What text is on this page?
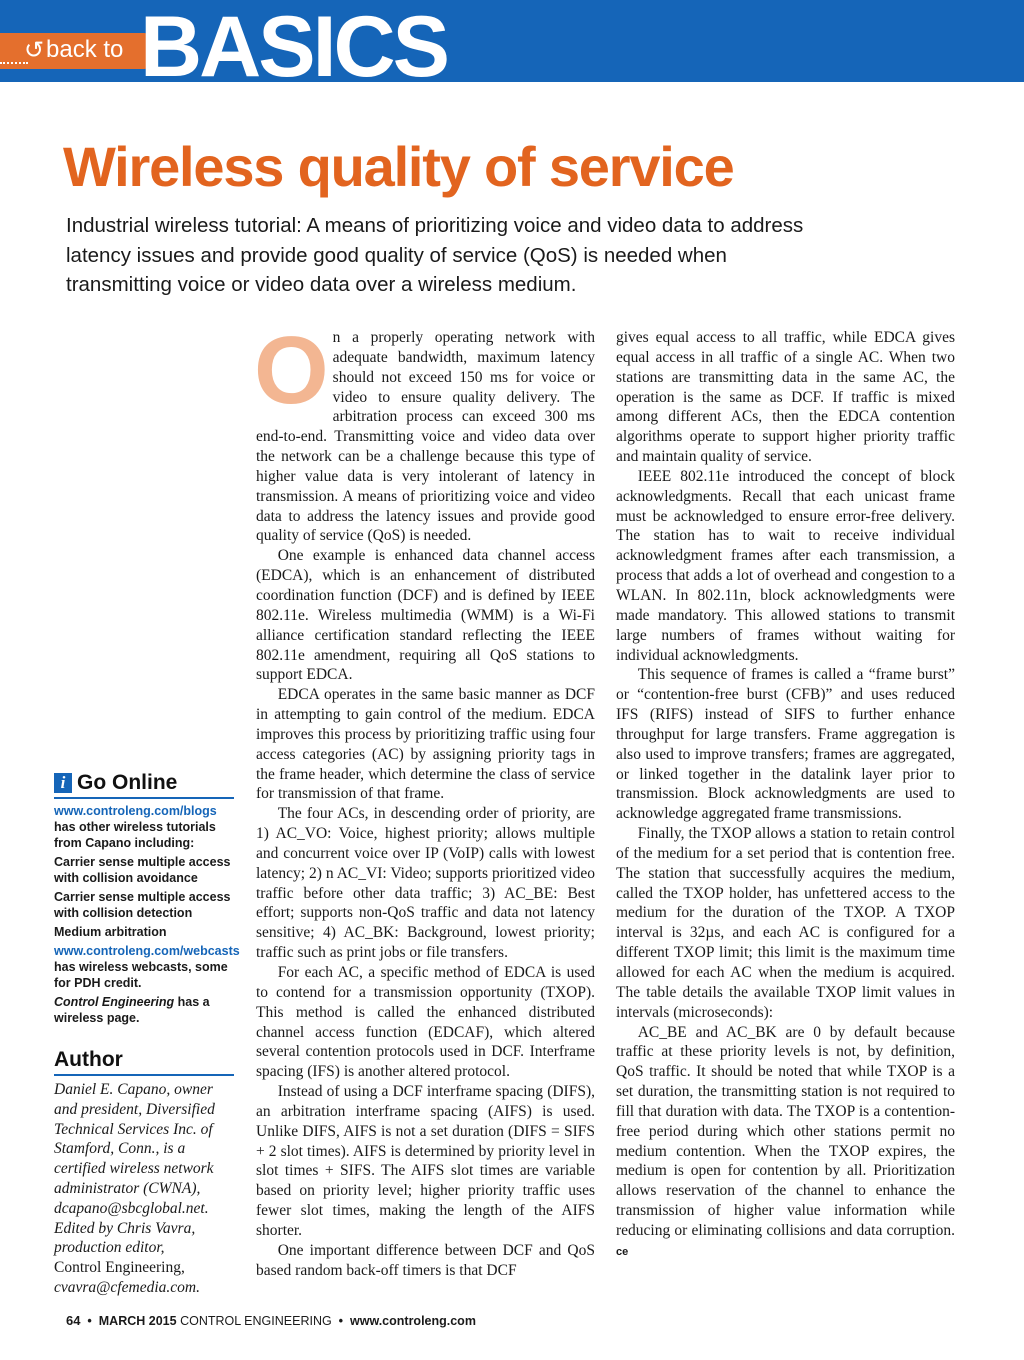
↺ back to BASICS
Wireless quality of service
Industrial wireless tutorial: A means of prioritizing voice and video data to address latency issues and provide good quality of service (QoS) is needed when transmitting voice or video data over a wireless medium.
i Go Online
www.controleng.com/blogs

has other wireless tutorials from Capano including:

Carrier sense multiple access with collision avoidance

Carrier sense multiple access with collision detection

Medium arbitration

www.controleng.com/webcasts

has wireless webcasts, some for PDH credit.

Control Engineering has a wireless page.

Author
Daniel E. Capano, owner and president, Diversified Technical Services Inc. of Stamford, Conn., is a certified wireless network administrator (CWNA), dcapano@sbcglobal.net. Edited by Chris Vavra, production editor,
Control Engineering,
cvavra@cfemedia.com.

On a properly operating network with adequate bandwidth, maximum latency should not exceed 150 ms for voice or video to ensure quality delivery. The arbitration process can exceed 300 ms end-to-end. Transmitting voice and video data over the network can be a challenge because this type of higher value data is very intolerant of latency in transmission. A means of prioritizing voice and video data to address the latency issues and provide good quality of service (QoS) is needed.

One example is enhanced data channel access (EDCA), which is an enhancement of distributed coordination function (DCF) and is defined by IEEE 802.11e. Wireless multimedia (WMM) is a Wi-Fi alliance certification standard reflecting the IEEE 802.11e amendment, requiring all QoS stations to support EDCA.

EDCA operates in the same basic manner as DCF in attempting to gain control of the medium. EDCA improves this process by prioritizing traffic using four access categories (AC) by assigning priority tags in the frame header, which determine the class of service for transmission of that frame.

The four ACs, in descending order of priority, are 1) AC_VO: Voice, highest priority; allows multiple and concurrent voice over IP (VoIP) calls with lowest latency; 2) n AC_VI: Video; supports prioritized video traffic before other data traffic; 3) AC_BE: Best effort; supports non-QoS traffic and data not latency sensitive; 4) AC_BK: Background, lowest priority; traffic such as print jobs or file transfers.

For each AC, a specific method of EDCA is used to contend for a transmission opportunity (TXOP). This method is called the enhanced distributed channel access function (EDCAF), which altered several contention protocols used in DCF. Interframe spacing (IFS) is another altered protocol.

Instead of using a DCF interframe spacing (DIFS), an arbitration interframe spacing (AIFS) is used. Unlike DIFS, AIFS is not a set duration (DIFS = SIFS + 2 slot times). AIFS is determined by priority level in slot times + SIFS. The AIFS slot times are variable based on priority level; higher priority traffic uses fewer slot times, making the length of the AIFS shorter.

One important difference between DCF and QoS based random back-off timers is that DCF

gives equal access to all traffic, while EDCA gives equal access in all traffic of a single AC. When two stations are transmitting data in the same AC, the operation is the same as DCF. If traffic is mixed among different ACs, then the EDCA contention algorithms operate to support higher priority traffic and maintain quality of service.

IEEE 802.11e introduced the concept of block acknowledgments. Recall that each unicast frame must be acknowledged to ensure error-free delivery. The station has to wait to receive individual acknowledgment frames after each transmission, a process that adds a lot of overhead and congestion to a WLAN. In 802.11n, block acknowledgments were made mandatory. This allowed stations to transmit large numbers of frames without waiting for individual acknowledgments.

This sequence of frames is called a “frame burst” or “contention-free burst (CFB)” and uses reduced IFS (RIFS) instead of SIFS to further enhance throughput for large transfers. Frame aggregation is also used to improve transfers; frames are aggregated, or linked together in the datalink layer prior to transmission. Block acknowledgments are used to acknowledge aggregated frame transmissions.

Finally, the TXOP allows a station to retain control of the medium for a set period that is contention free. The station that successfully acquires the medium, called the TXOP holder, has unfettered access to the medium for the duration of the TXOP. A TXOP interval is 32µs, and each AC is configured for a different TXOP limit; this limit is the maximum time allowed for each AC when the medium is acquired. The table details the available TXOP limit values in intervals (microseconds):

AC_BE and AC_BK are 0 by default because traffic at these priority levels is not, by definition, QoS traffic. It should be noted that while TXOP is a set duration, the transmitting station is not required to fill that duration with data. The TXOP is a contention-free period during which other stations permit no medium contention. When the TXOP expires, the medium is open for contention by all. Prioritization allows reservation of the channel to enhance the transmission of higher value information while reducing or eliminating collisions and data corruption. ce

64  •  MARCH 2015 CONTROL ENGINEERING  •  www.controleng.com
